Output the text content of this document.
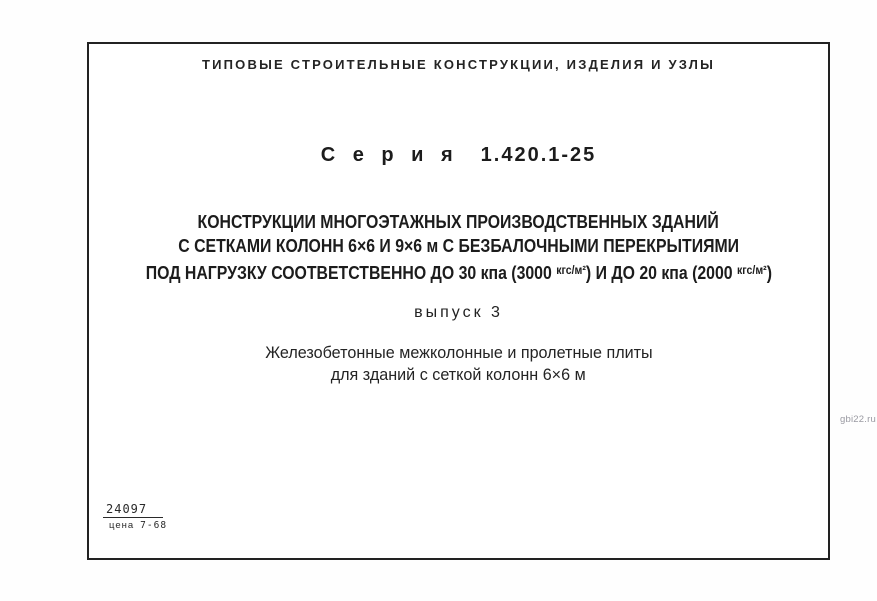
ТИПОВЫЕ СТРОИТЕЛЬНЫЕ КОНСТРУКЦИИ, ИЗДЕЛИЯ И УЗЛЫ
С е р и я 1.420.1-25
КОНСТРУКЦИИ МНОГОЭТАЖНЫХ ПРОИЗВОДСТВЕННЫХ ЗДАНИЙ
С СЕТКАМИ КОЛОНН 6×6 И 9×6 м С БЕЗБАЛОЧНЫМИ ПЕРЕКРЫТИЯМИ
ПОД НАГРУЗКУ СООТВЕТСТВЕННО ДО 30 кпа (3000 $^{кгс/м^2}$) И ДО 20 кпа (2000 $^{кгс/м^2}$)
выпуск 3
Железобетонные межколонные и пролетные плиты
для зданий с сеткой колонн 6×6 м
24097
цена 7-68
gbi22.ru
